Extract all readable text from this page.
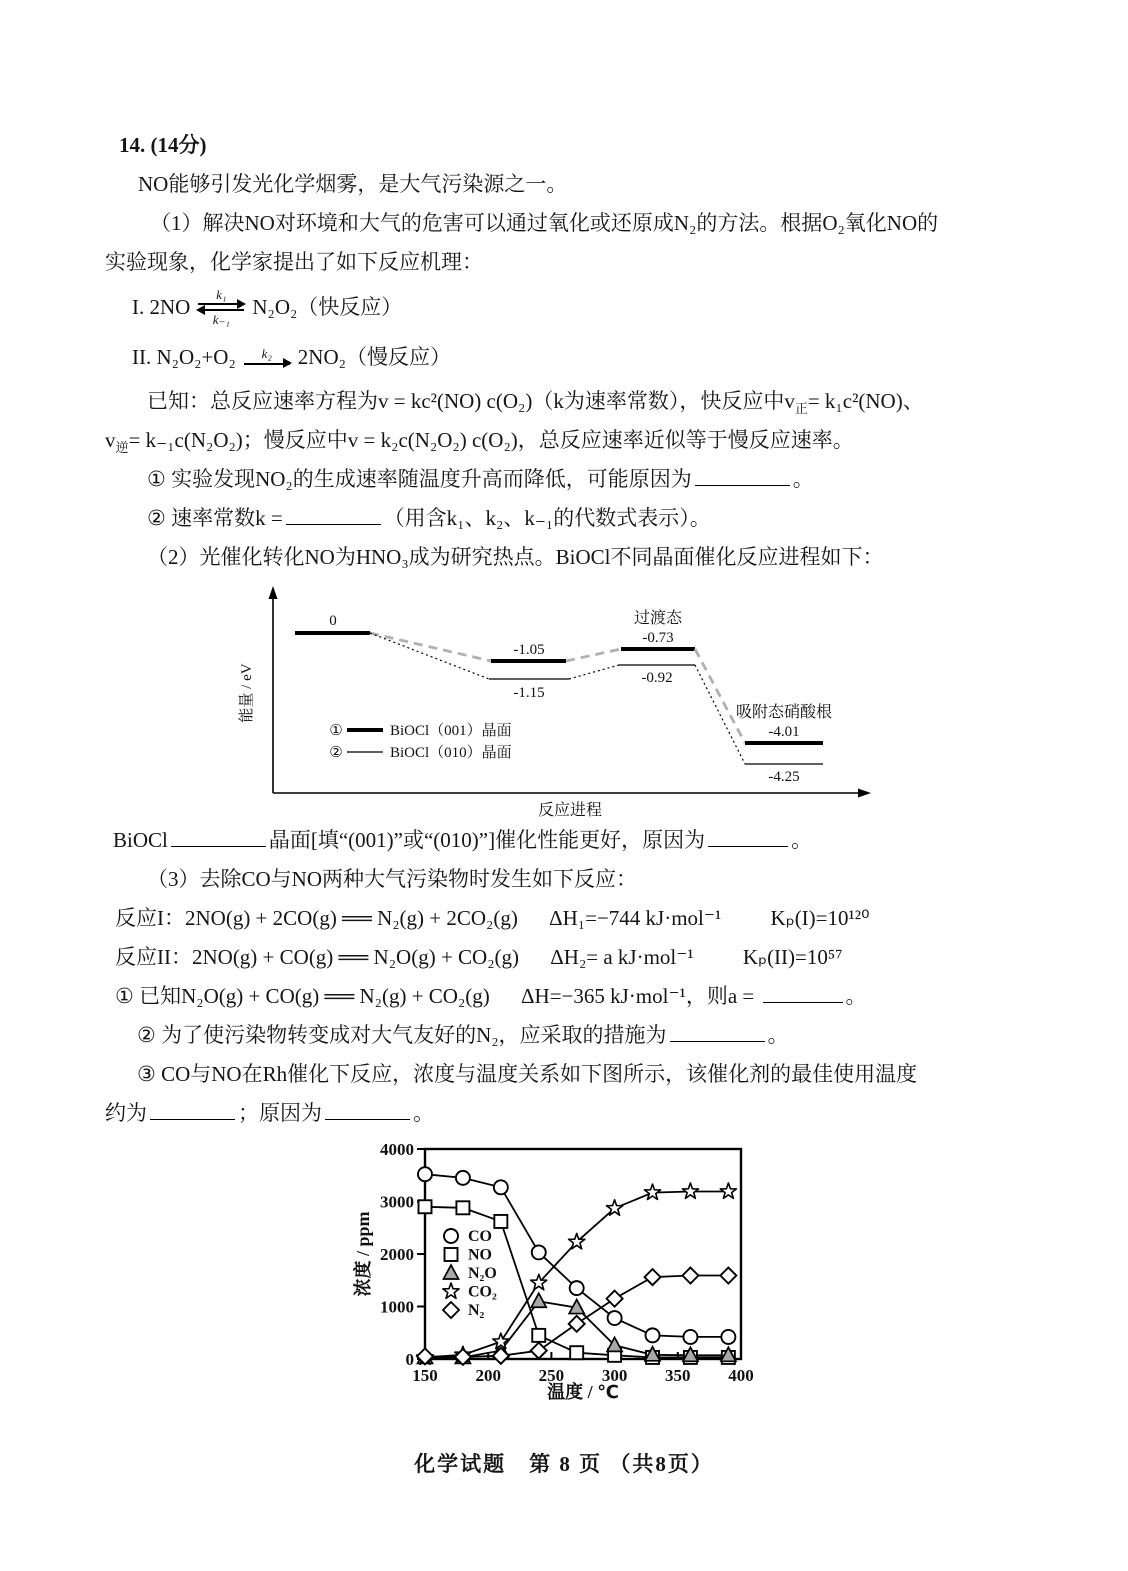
14. (14分)
NO能够引发光化学烟雾，是大气污染源之一。
（1）解决NO对环境和大气的危害可以通过氧化或还原成N₂的方法。根据O₂氧化NO的
实验现象，化学家提出了如下反应机理：
I. 2NO k₁
k₋₁
N₂O₂（快反应）
II. N₂O₂+O₂ k₂ 2NO₂（慢反应）
已知：总反应速率方程为v = kc²(NO) c(O₂)（k为速率常数），快反应中$v_正= k_1c^2(NO)$、
$v_逆= k_{-1}c(N_2O_2)$；慢反应中v = k₂c(N₂O₂) c(O₂)，总反应速率近似等于慢反应速率。
① 实验发现NO₂的生成速率随温度升高而降低，可能原因为	。
② 速率常数k =	（用含k₁、k₂、k₋₁的代数式表示）。
（2）光催化转化NO为HNO₃成为研究热点。BiOCl不同晶面催化反应进程如下：
能量 / eV
反应进程
0
-1.05
-1.15
过渡态
-0.73
-0.92
吸附态硝酸根
-4.01
-4.25
①	BiOCl（001）晶面
②	BiOCl（010）晶面
BiOCl	晶面[填“(001)”或“(010)”]催化性能更好，原因为	。
（3）去除CO与NO两种大气污染物时发生如下反应：
反应I：2NO(g) + 2CO(g) ══ N₂(g) + 2CO₂(g) ΔH₁=−744 kJ·mol⁻¹ Kₚ(I)=10¹²⁰
反应II：2NO(g) + CO(g) ══ N₂O(g) + CO₂(g) ΔH₂= a kJ·mol⁻¹ Kₚ(II)=10⁵⁷
① 已知N₂O(g) + CO(g) ══ N₂(g) + CO₂(g) ΔH=−365 kJ·mol⁻¹，则a =	。
② 为了使污染物转变成对大气友好的N₂，应采取的措施为	。
③ CO与NO在Rh催化下反应，浓度与温度关系如下图所示，该催化剂的最佳使用温度
约为	；原因为	。
0
1000
2000
3000
4000
150 200 250 300 350 400
温度 / ℃
浓度 / ppm	CO
NO
N₂O
CO₂
N₂
化学试题　第 8 页 （共8页）
